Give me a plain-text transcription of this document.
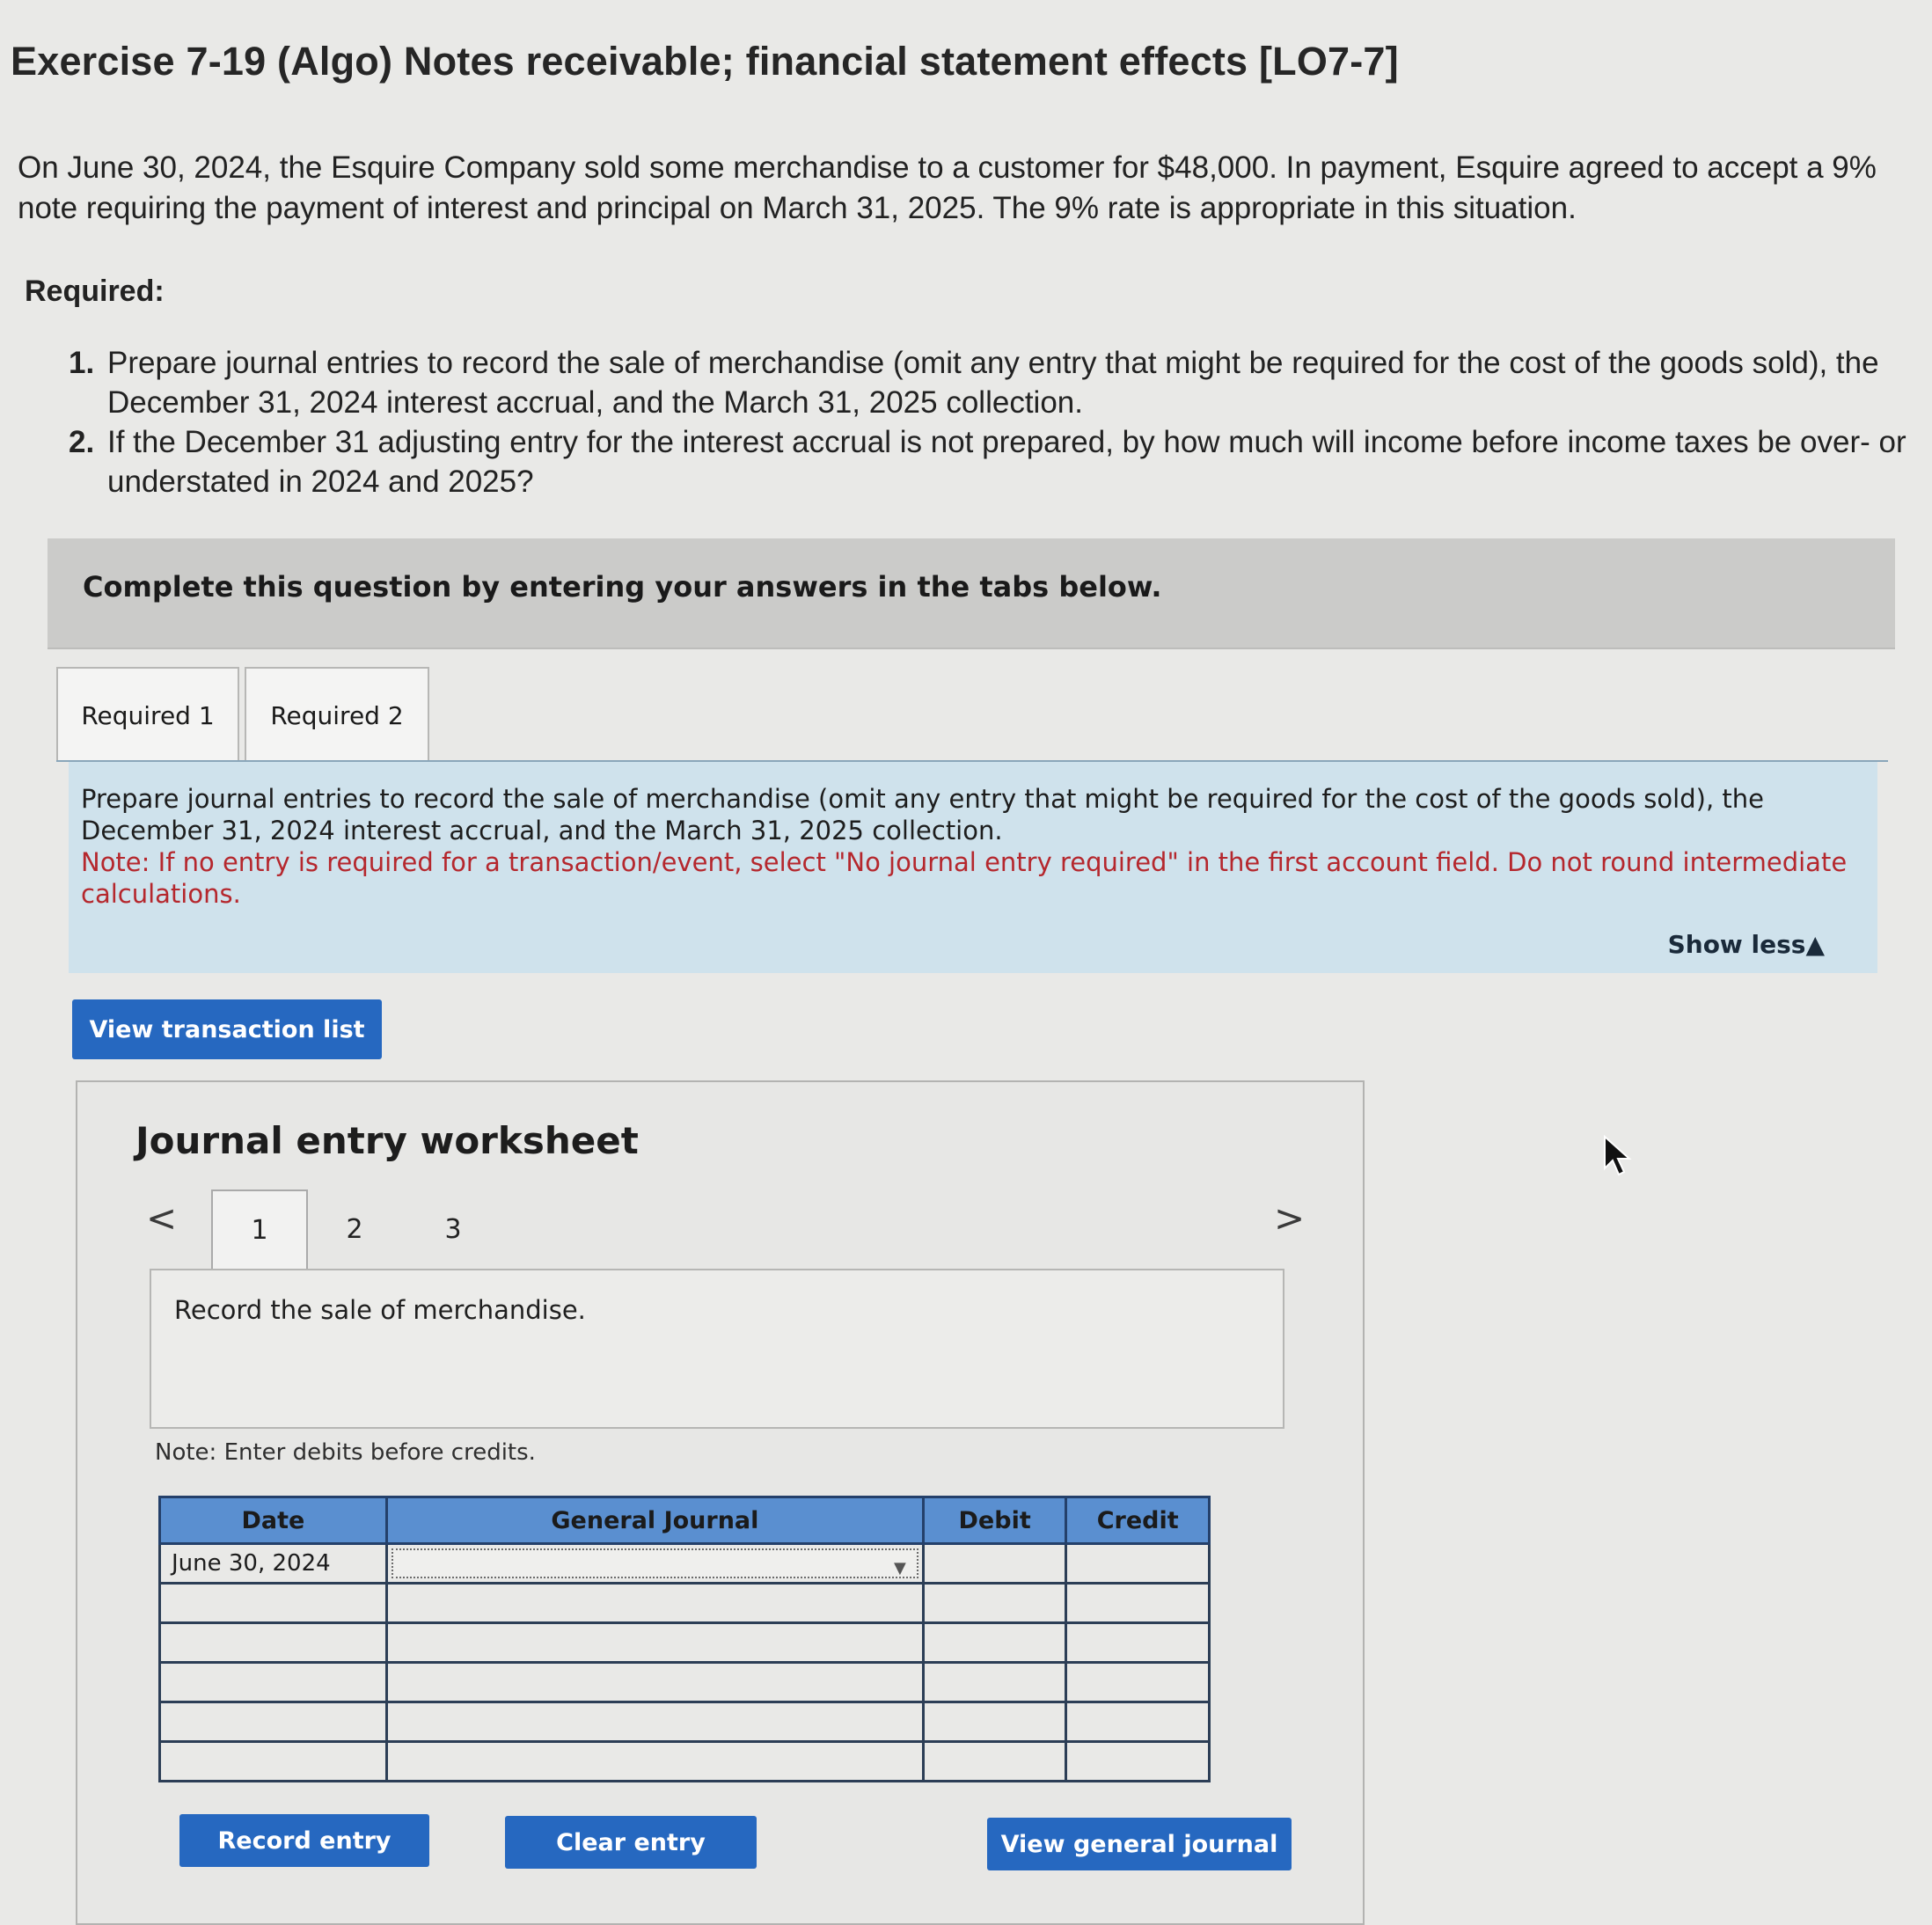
Exercise 7-19 (Algo) Notes receivable; financial statement effects [LO7-7]
On June 30, 2024, the Esquire Company sold some merchandise to a customer for $48,000. In payment, Esquire agreed to accept a 9% note requiring the payment of interest and principal on March 31, 2025. The 9% rate is appropriate in this situation.
Required:
1. Prepare journal entries to record the sale of merchandise (omit any entry that might be required for the cost of the goods sold), the December 31, 2024 interest accrual, and the March 31, 2025 collection.
2. If the December 31 adjusting entry for the interest accrual is not prepared, by how much will income before income taxes be over- or understated in 2024 and 2025?
Complete this question by entering your answers in the tabs below.
Required 1	Required 2
Prepare journal entries to record the sale of merchandise (omit any entry that might be required for the cost of the goods sold), the December 31, 2024 interest accrual, and the March 31, 2025 collection.
Note: If no entry is required for a transaction/event, select "No journal entry required" in the first account field. Do not round intermediate calculations.
Show less▲
View transaction list
Journal entry worksheet
<	1	2	3	>
Record the sale of merchandise.
Note: Enter debits before credits.
Date	General Journal	Debit	Credit
June 30, 2024	▼		

Record entry	Clear entry	View general journal
